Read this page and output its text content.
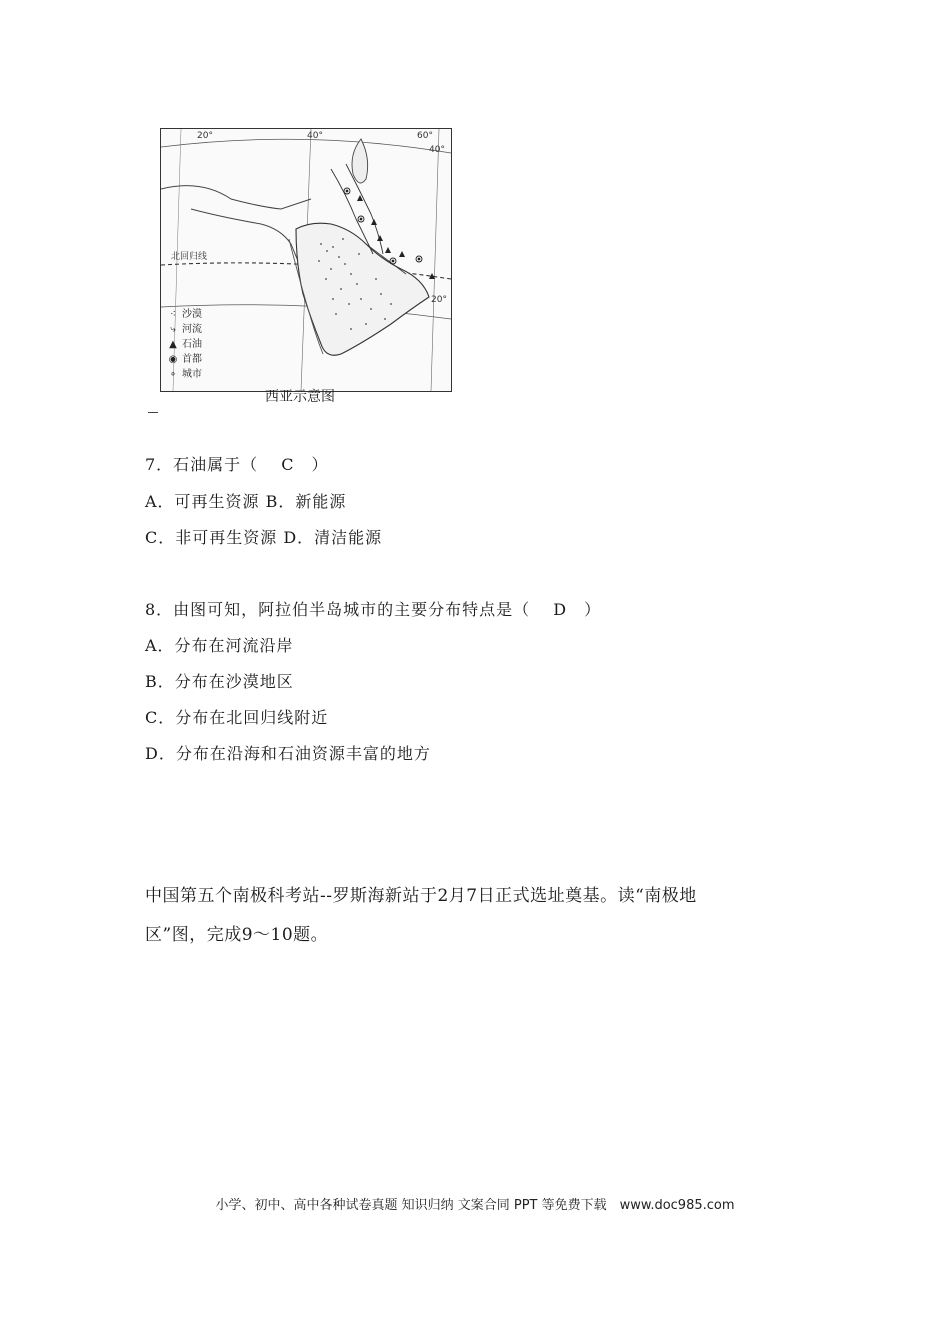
20°	40°	60°
40°
20°
北回归线
⁖ 沙漠
⤷ 河流
▲ 石油
◉ 首都
∘ 城市
西亚示意图
7．石油属于（　 C　）
A．可再生资源 B．新能源
C．非可再生资源 D．清洁能源
8．由图可知，阿拉伯半岛城市的主要分布特点是（　 D　）
A．分布在河流沿岸
B．分布在沙漠地区
C．分布在北回归线附近
D．分布在沿海和石油资源丰富的地方
中国第五个南极科考站--罗斯海新站于2月7日正式选址奠基。读“南极地
区”图，完成9～10题。
小学、初中、高中各种试卷真题 知识归纳 文案合同 PPT 等免费下载　www.doc985.com
